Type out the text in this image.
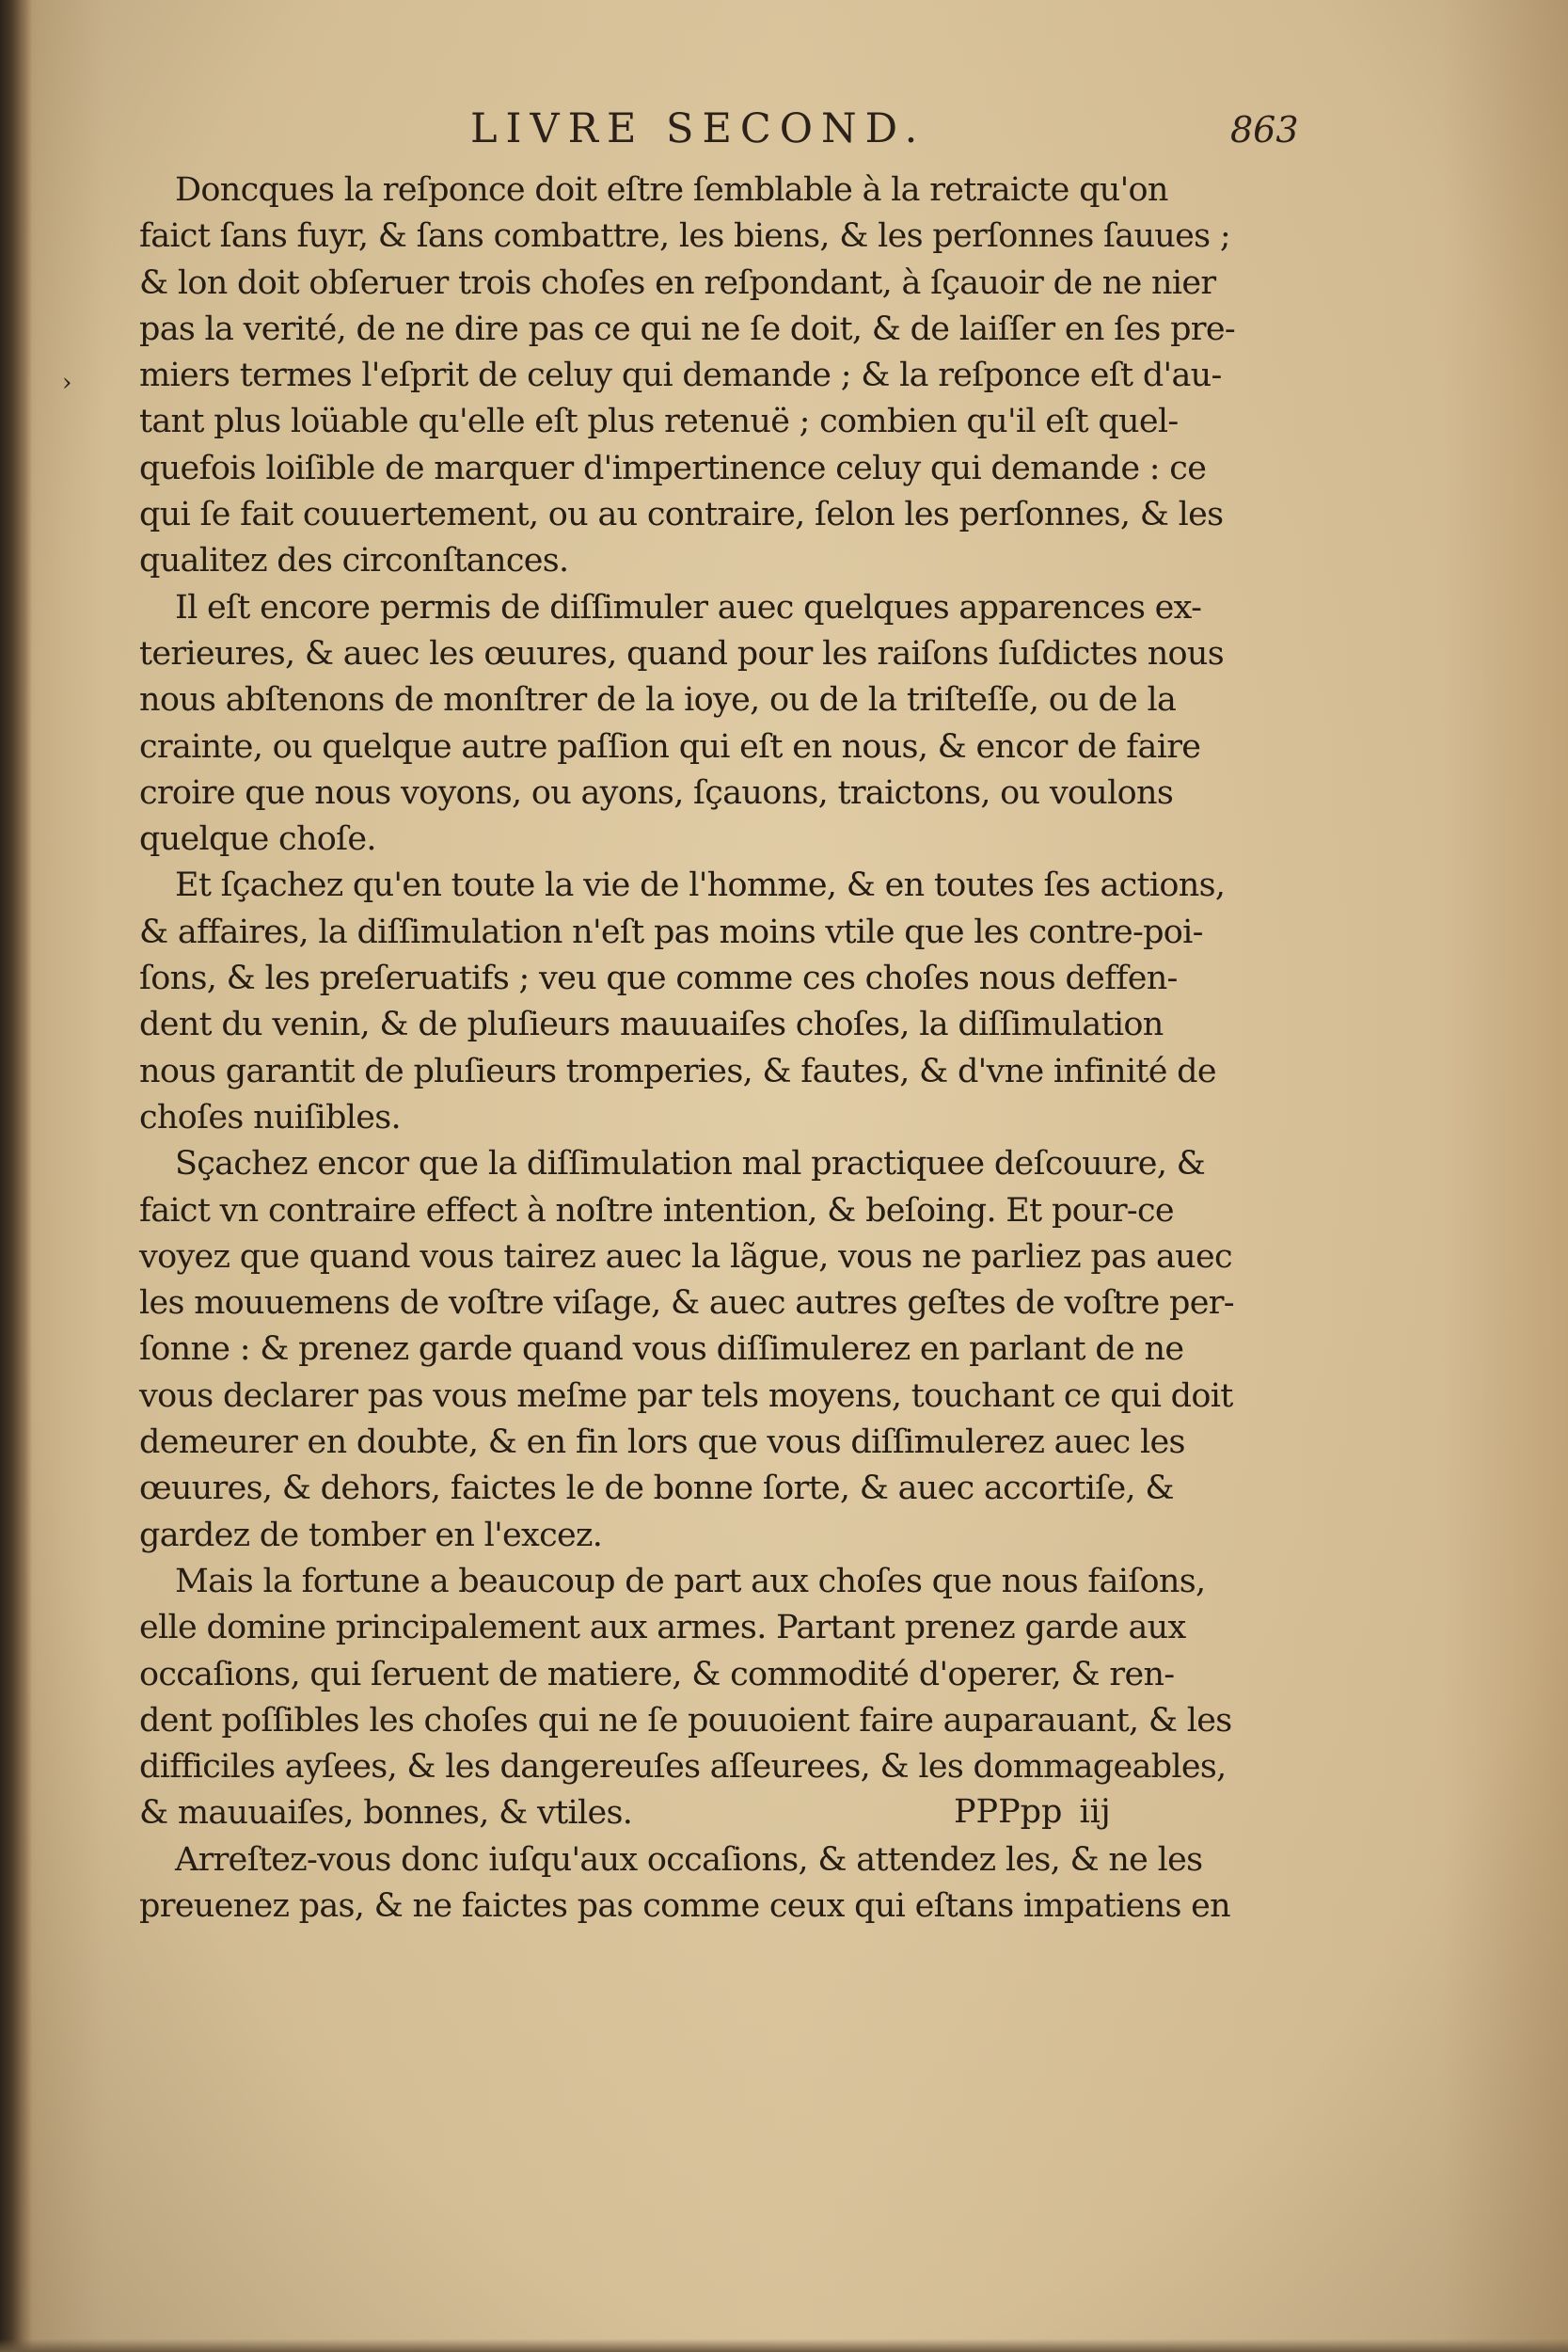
LIVRE SECOND.	863
›
Doncques la reſponce doit eſtre ſemblable à la retraicte qu'on
faict ſans fuyr, & ſans combattre, les biens, & les perſonnes ſauues ;
& lon doit obſeruer trois choſes en reſpondant, à ſçauoir de ne nier
pas la verité, de ne dire pas ce qui ne ſe doit, & de laiſſer en ſes pre-
miers termes l'eſprit de celuy qui demande ; & la reſponce eſt d'au-
tant plus loüable qu'elle eſt plus retenuë ; combien qu'il eſt quel-
quefois loiſible de marquer d'impertinence celuy qui demande : ce
qui ſe fait couuertement, ou au contraire, ſelon les perſonnes, & les
qualitez des circonſtances.
Il eſt encore permis de diſſimuler auec quelques apparences ex-
terieures, & auec les œuures, quand pour les raiſons ſuſdictes nous
nous abſtenons de monſtrer de la ioye, ou de la triſteſſe, ou de la
crainte, ou quelque autre paſſion qui eſt en nous, & encor de faire
croire que nous voyons, ou ayons, ſçauons, traictons, ou voulons
quelque choſe.
Et ſçachez qu'en toute la vie de l'homme, & en toutes ſes actions,
& affaires, la diſſimulation n'eſt pas moins vtile que les contre-poi-
ſons, & les preſeruatifs ; veu que comme ces choſes nous deffen-
dent du venin, & de pluſieurs mauuaiſes choſes, la diſſimulation
nous garantit de pluſieurs tromperies, & fautes, & d'vne infinité de
choſes nuiſibles.
Sçachez encor que la diſſimulation mal practiquee deſcouure, &
faict vn contraire effect à noſtre intention, & beſoing. Et pour-ce
voyez que quand vous tairez auec la lãgue, vous ne parliez pas auec
les mouuemens de voſtre viſage, & auec autres geſtes de voſtre per-
ſonne : & prenez garde quand vous diſſimulerez en parlant de ne
vous declarer pas vous meſme par tels moyens, touchant ce qui doit
demeurer en doubte, & en fin lors que vous diſſimulerez auec les
œuures, & dehors, faictes le de bonne ſorte, & auec accortiſe, &
gardez de tomber en l'excez.
Mais la fortune a beaucoup de part aux choſes que nous faiſons,
elle domine principalement aux armes. Partant prenez garde aux
occaſions, qui ſeruent de matiere, & commodité d'operer, & ren-
dent poſſibles les choſes qui ne ſe pouuoient faire auparauant, & les
difficiles ayſees, & les dangereuſes aſſeurees, & les dommageables,
& mauuaiſes, bonnes, & vtiles.
Arreſtez-vous donc iuſqu'aux occaſions, & attendez les, & ne les
preuenez pas, & ne faictes pas comme ceux qui eſtans impatiens en
PPPpp iij
